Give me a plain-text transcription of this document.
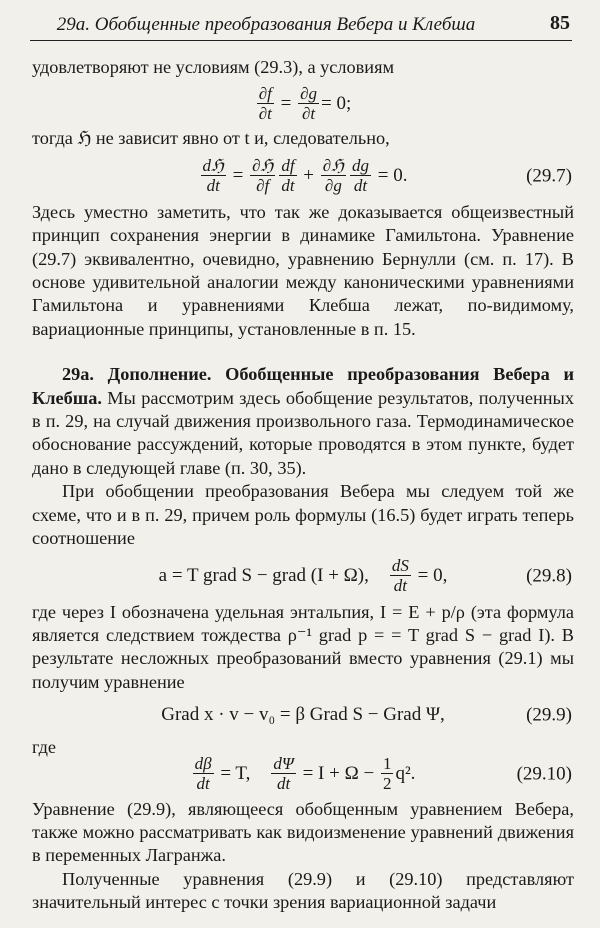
29а. Обобщенные преобразования Вебера и Клебша	85

удовлетворяют не условиям (29.3), а условиям

$\frac{\partial f}{\partial t} = \frac{\partial g}{\partial t} = 0$;

тогда ℌ не зависит явно от t и, следовательно,

$\frac{\text{dℌ}}{dt} = \frac{\text{∂ℌ}}{\partial f} \frac{df}{dt} + \frac{\text{∂ℌ}}{\partial g} \frac{dg}{dt}$
= 0.	(29.7)

Здесь уместно заметить, что так же доказывается общеизвестный принцип сохранения энергии в динамике Гамильтона. Уравнение (29.7) эквивалентно, очевидно, уравнению Бернулли (см. п. 17). В основе удивительной аналогии между каноническими уравнениями Гамильтона и уравнениями Клебша лежат, по-видимому, вариационные принципы, установленные в п. 15.

29а. Дополнение. Обобщенные преобразования Вебера и Клебша. Мы рассмотрим здесь обобщение результатов, полученных в п. 29, на случай движения произвольного газа. Термодинамическое обоснование рассуждений, которые проводятся в этом пункте, будет дано в следующей главе (п. 30, 35).

При обобщении преобразования Вебера мы следуем той же схеме, что и в п. 29, причем роль формулы (16.5) будет играть теперь соотношение

a = T grad S − grad (I + Ω),
$\frac{dS}{dt}$
= 0,	(29.8)

где через I обозначена удельная энтальпия, I = E + p/ρ (эта формула является следствием тождества ρ⁻¹ grad p = = T grad S − grad I). В результате несложных преобразований вместо уравнения (29.1) мы получим уравнение

Grad x · v − v₀ = β Grad S − Grad Ψ,	(29.9)

где

$\frac{d\beta}{dt}$
= T,
$\frac{d\Psi}{dt}$
= I + Ω −
$\frac{1}{2} q^2$.	(29.10)

Уравнение (29.9), являющееся обобщенным уравнением Вебера, также можно рассматривать как видоизменение уравнений движения в переменных Лагранжа.

Полученные уравнения (29.9) и (29.10) представляют значительный интерес с точки зрения вариационной задачи
